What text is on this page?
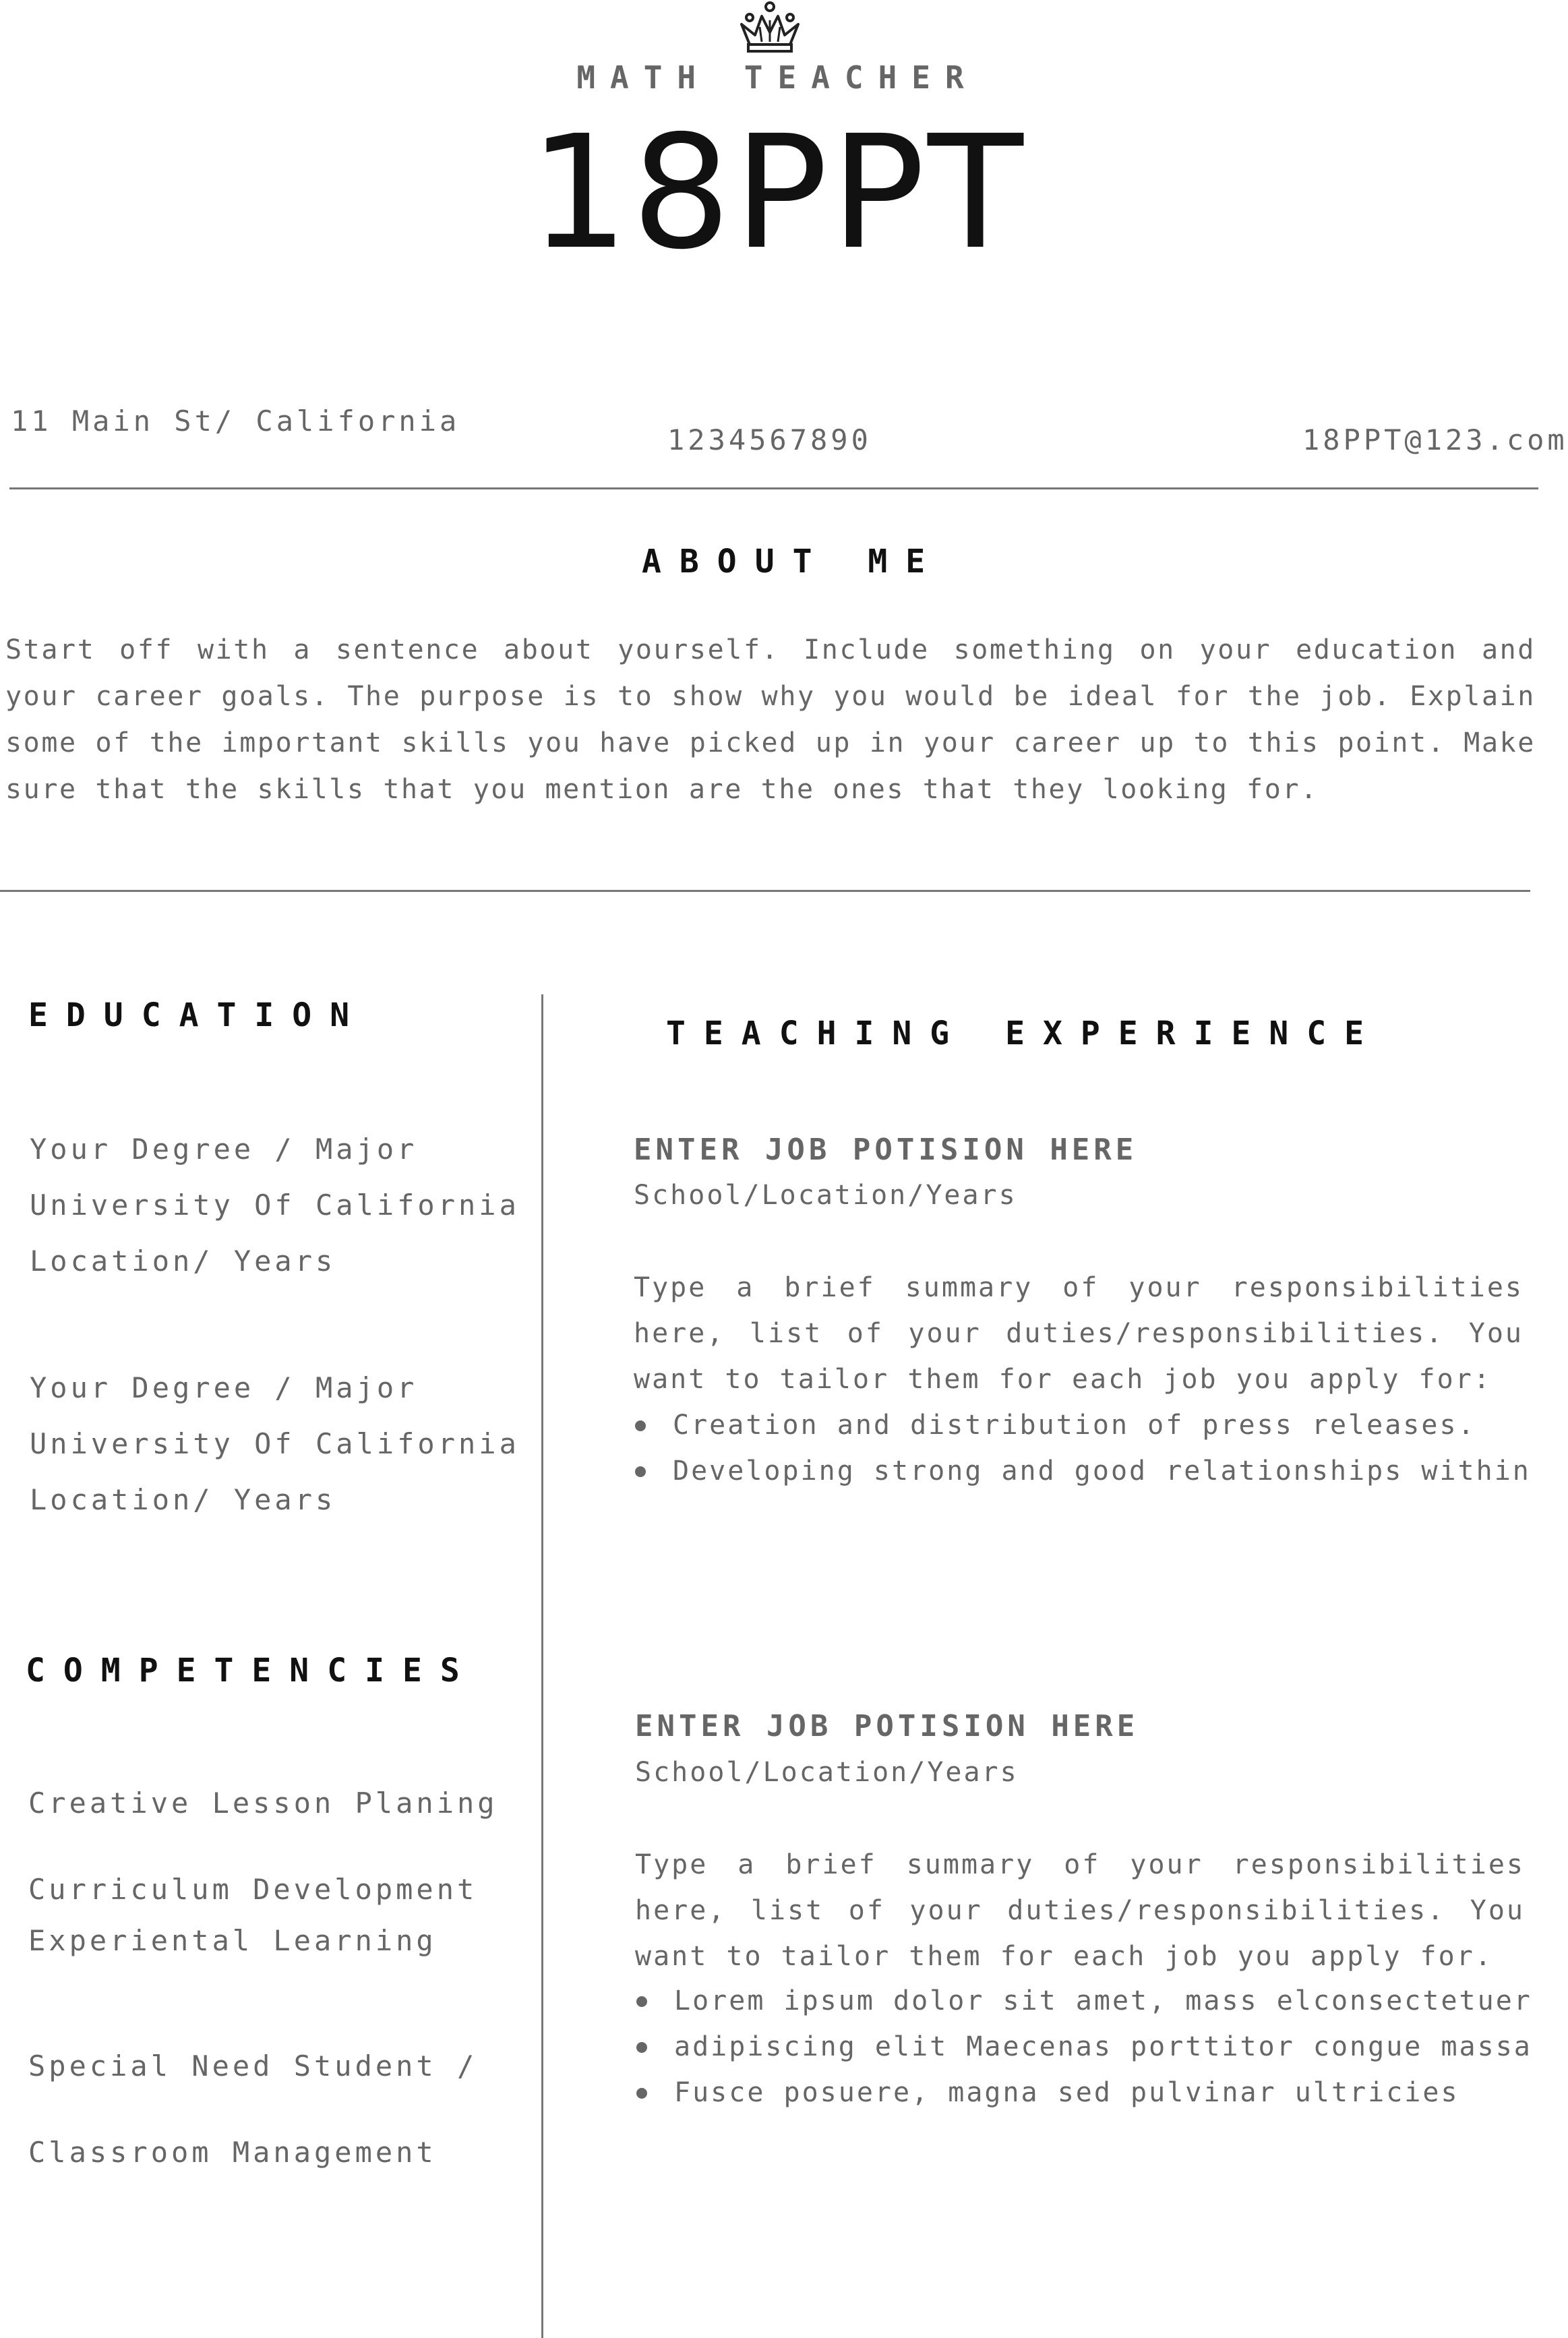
MATH TEACHER
18PPT
11 Main St/ California
1234567890	18PPT@123.com
ABOUT ME
Start off with a sentence about yourself. Include something on your education and your career goals. The purpose is to show why you would be ideal for the job. Explain some of the important skills you have picked up in your career up to this point. Make sure that the skills that you mention are the ones that they looking for.
EDUCATION
Your Degree / Major
University Of California
Location/ Years
Your Degree / Major
University Of California
Location/ Years
TEACHING EXPERIENCE
ENTER JOB POTISION HERE
School/Location/Years
Type a brief summary of your responsibilities here, list of your duties/responsibilities. You want to tailor them for each job you apply for:
Creation and distribution of press releases.
Developing strong and good relationships within
ENTER JOB POTISION HERE
School/Location/Years
Type a brief summary of your responsibilities here, list of your duties/responsibilities. You want to tailor them for each job you apply for.
Lorem ipsum dolor sit amet, mass elconsectetuer
adipiscing elit Maecenas porttitor congue massa
Fusce posuere, magna sed pulvinar ultricies
COMPETENCIES
Creative Lesson Planing
Curriculum Development
Experiental Learning
Special Need Student /
Classroom Management
